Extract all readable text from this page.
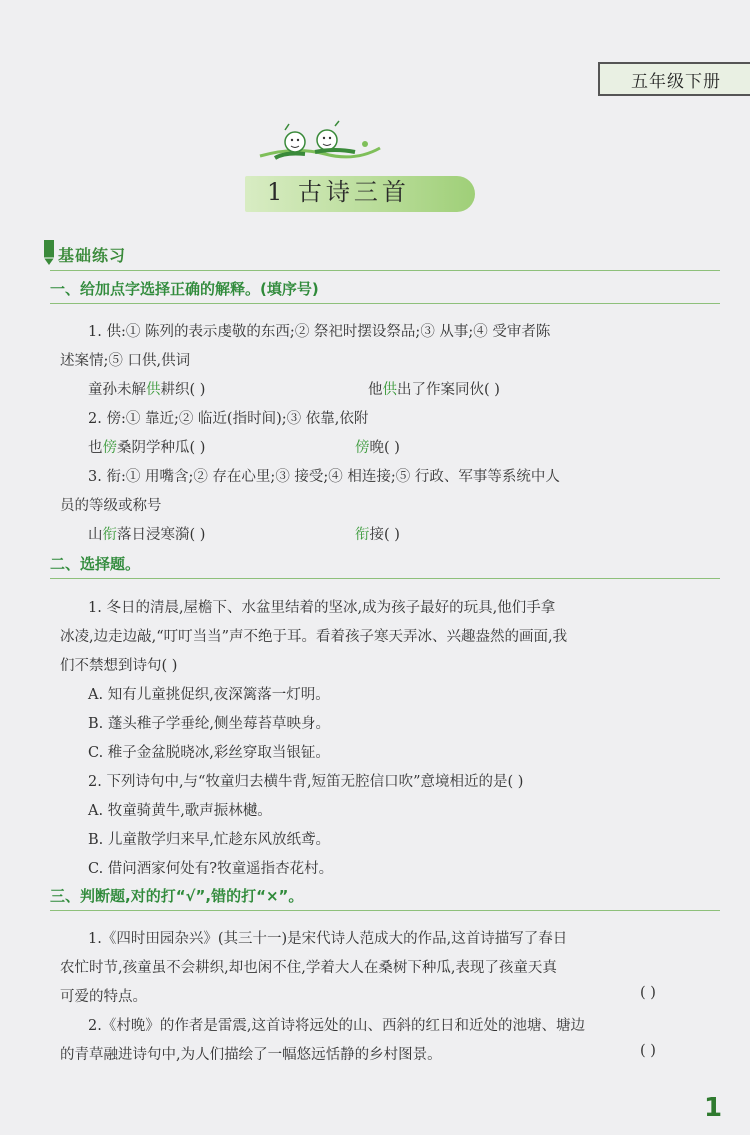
五年级下册
1 古诗三首
基础练习
一、给加点字选择正确的解释。(填序号)
1. 供:① 陈列的表示虔敬的东西;② 祭祀时摆设祭品;③ 从事;④ 受审者陈
述案情;⑤ 口供,供词
童孙未解供耕织( )	他供出了作案同伙( )
2. 傍:① 靠近;② 临近(指时间);③ 依靠,依附
也傍桑阴学种瓜( )	傍晚( )
3. 衔:① 用嘴含;② 存在心里;③ 接受;④ 相连接;⑤ 行政、军事等系统中人
员的等级或称号
山衔落日浸寒漪( )	衔接( )
二、选择题。
1. 冬日的清晨,屋檐下、水盆里结着的坚冰,成为孩子最好的玩具,他们手拿
冰凌,边走边敲,“叮叮当当”声不绝于耳。看着孩子寒天弄冰、兴趣盎然的画面,我
们不禁想到诗句( )
A. 知有儿童挑促织,夜深篱落一灯明。
B. 蓬头稚子学垂纶,侧坐莓苔草映身。
C. 稚子金盆脱晓冰,彩丝穿取当银钲。
2. 下列诗句中,与“牧童归去横牛背,短笛无腔信口吹”意境相近的是( )
A. 牧童骑黄牛,歌声振林樾。
B. 儿童散学归来早,忙趁东风放纸鸢。
C. 借问酒家何处有?牧童遥指杏花村。
三、判断题,对的打“√”,错的打“×”。
1.《四时田园杂兴》(其三十一)是宋代诗人范成大的作品,这首诗描写了春日
农忙时节,孩童虽不会耕织,却也闲不住,学着大人在桑树下种瓜,表现了孩童天真
可爱的特点。	( )
2.《村晚》的作者是雷震,这首诗将远处的山、西斜的红日和近处的池塘、塘边
的青草融进诗句中,为人们描绘了一幅悠远恬静的乡村图景。	( )
1
